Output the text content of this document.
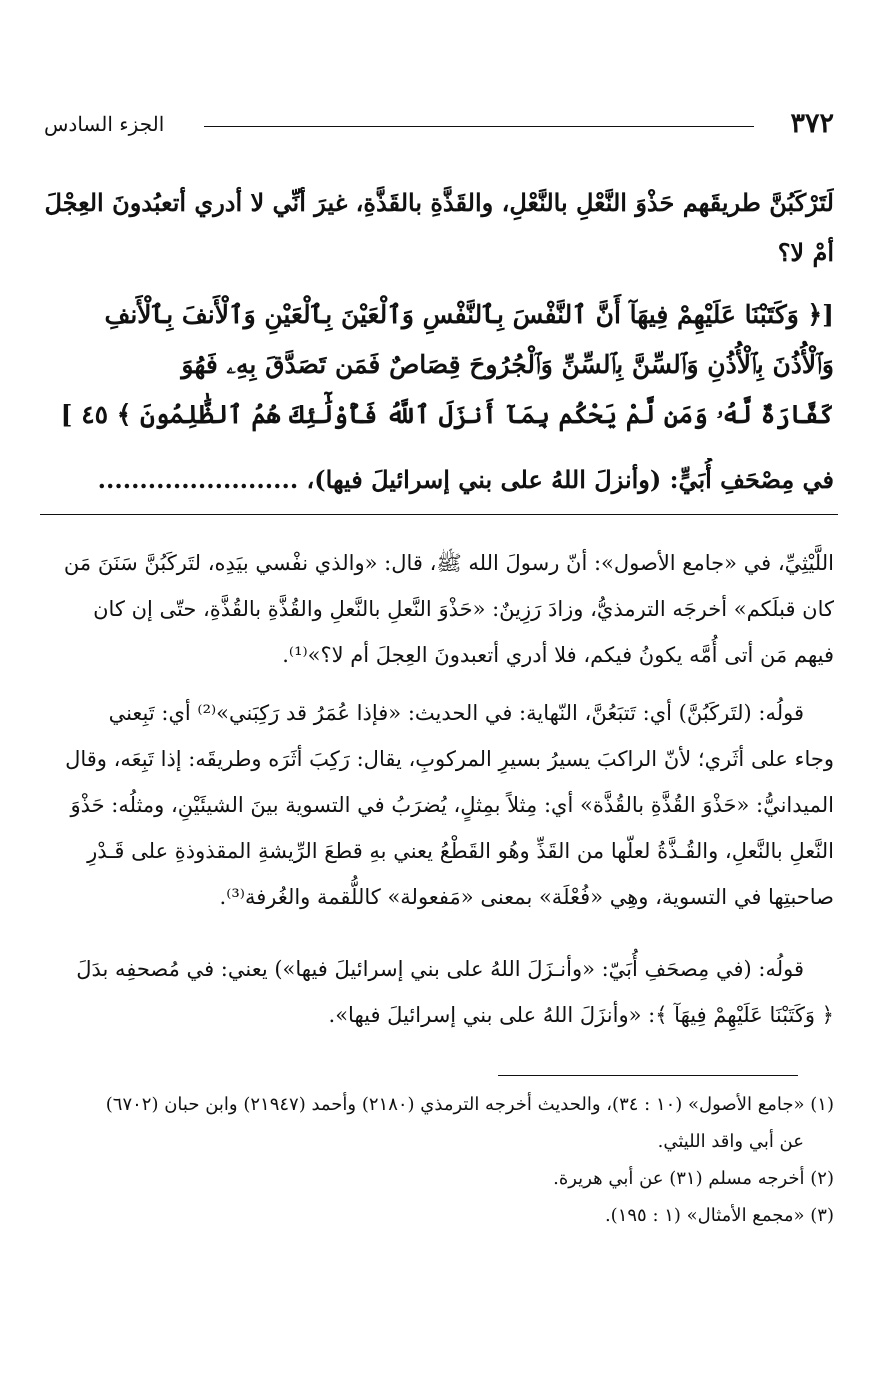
٣٧٢
الجزء السادس
لَتَرْكَبُنَّ طريقَهم حَذْوَ النَّعْلِ بالنَّعْلِ، والقَذَّةِ بالقَذَّةِ، غيرَ أنِّي لا أدري أتعبُدونَ العِجْلَ
أمْ لا؟
[﴿ وَكَتَبْنَا عَلَيْهِمْ فِيهَآ أَنَّ ٱلنَّفْسَ بِٱلنَّفْسِ وَٱلْعَيْنَ بِٱلْعَيْنِ وَٱلْأَنفَ بِٱلْأَنفِ
وَٱلْأُذُنَ بِٱلْأُذُنِ وَٱلسِّنَّ بِٱلسِّنِّ وَٱلْجُرُوحَ قِصَاصٌ فَمَن تَصَدَّقَ بِهِۦ فَهُوَ
كَفَّارَةٌ لَّهُۥ وَمَن لَّمْ يَحْكُم بِمَآ أَنزَلَ ٱللَّهُ فَأُوْلَٰٓئِكَ هُمُ ٱلظَّٰلِمُونَ ﴾ ٤٥ ]
في مِصْحَفِ أُبَيٍّ: (وأنزلَ اللهُ على بني إسرائيلَ فيها)، ........................
اللَّيْثِيِّ، في «جامع الأصول»: أنّ رسولَ الله ﷺ، قال: «والذي نفْسي بيَدِه، لتَركَبُنَّ سَنَنَ مَن
كان قبلَكم» أخرجَه الترمذيُّ، وزادَ رَزِينٌ: «حَذْوَ النَّعلِ بالنَّعلِ والقُذَّةِ بالقُذَّةِ، حتّى إن كان
فيهم مَن أتى أُمَّه يكونُ فيكم، فلا أدري أتعبدونَ العِجلَ أم لا؟»⁽¹⁾.
قولُه: (لتَركَبُنَّ) أي: تَتبَعُنَّ، النّهاية: في الحديث: «فإذا عُمَرُ قد رَكِبَني»⁽²⁾ أي: تَبِعني
وجاء على أثَري؛ لأنّ الراكبَ يسيرُ بسيرِ المركوبِ، يقال: رَكِبَ أثَرَه وطريقَه: إذا تَبِعَه، وقال
الميدانيُّ: «حَذْوَ القُذَّةِ بالقُذَّة» أي: مِثلاً بمِثلٍ، يُضرَبُ في التسوية بينَ الشيئَيْنِ، ومثلُه: حَذْوَ
النَّعلِ بالنَّعلِ، والقُـذَّةُ لعلّها من القَذِّ وهُو القَطْعُ يعني بهِ قطعَ الرِّيشةِ المقذوذةِ على قَـدْرِ
صاحبتِها في التسوية، وهِي «فُعْلَة» بمعنى «مَفعولة» كاللُّقمة والغُرفة⁽³⁾.
قولُه: (في مِصحَفِ أُبَيّ: «وأنـزَلَ اللهُ على بني إسرائيلَ فيها») يعني: في مُصحفِه بدَلَ
﴿ وَكَتَبْنَا عَلَيْهِمْ فِيهَآ ﴾: «وأنزَلَ اللهُ على بني إسرائيلَ فيها».
(١) «جامع الأصول» (١٠ : ٣٤)، والحديث أخرجه الترمذي (٢١٨٠) وأحمد (٢١٩٤٧) وابن حبان (٦٧٠٢)
عن أبي واقد الليثي.
(٢) أخرجه مسلم (٣١) عن أبي هريرة.
(٣) «مجمع الأمثال» (١ : ١٩٥).
